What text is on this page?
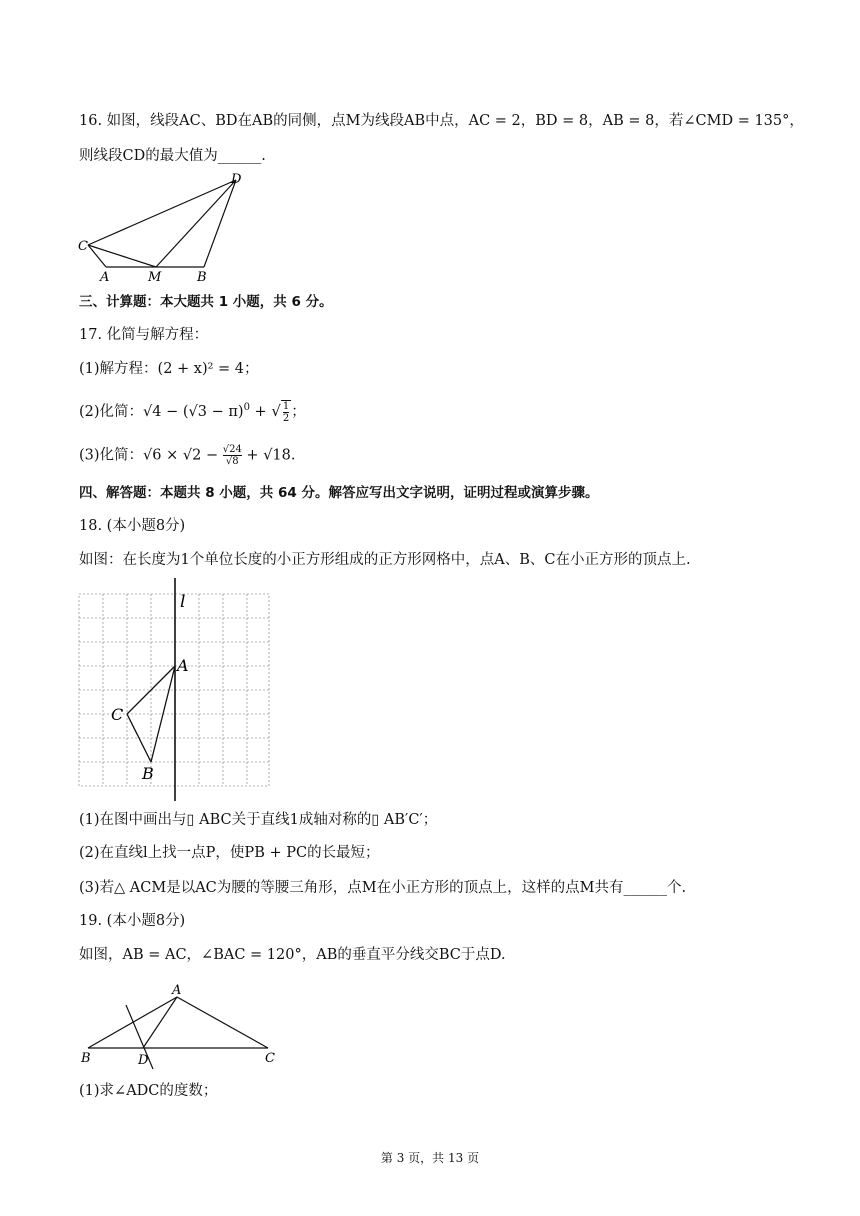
16. 如图，线段AC、BD在AB的同侧，点M为线段AB中点，AC = 2，BD = 8，AB = 8，若∠CMD = 135°，
则线段CD的最大值为______.
C
A	M	B
D
三、计算题：本大题共 1 小题，共 6 分。
17. 化简与解方程：
(1)解方程：(2 + x)² = 4；
(2)化简：$√4 - (√3 - \pi)^0$ + √ $\frac{1}{2}$ ；
(3)化简：$√6 \times √2 - \frac{√24}{√8} + √18$.
四、解答题：本题共 8 小题，共 64 分。解答应写出文字说明，证明过程或演算步骤。
18. (本小题8分)
如图：在长度为1个单位长度的小正方形组成的正方形网格中，点A、B、C在小正方形的顶点上.
l
A
C
B
(1)在图中画出与▯ ABC关于直线1成轴对称的▯ AB′C′；
(2)在直线l上找一点P，使PB + PC的长最短；
(3)若△ ACM是以AC为腰的等腰三角形，点M在小正方形的顶点上，这样的点M共有______个.
19. (本小题8分)
如图，AB = AC，∠BAC = 120°，AB的垂直平分线交BC于点D.
A
B	D	C
(1)求∠ADC的度数；
第 3 页，共 13 页
